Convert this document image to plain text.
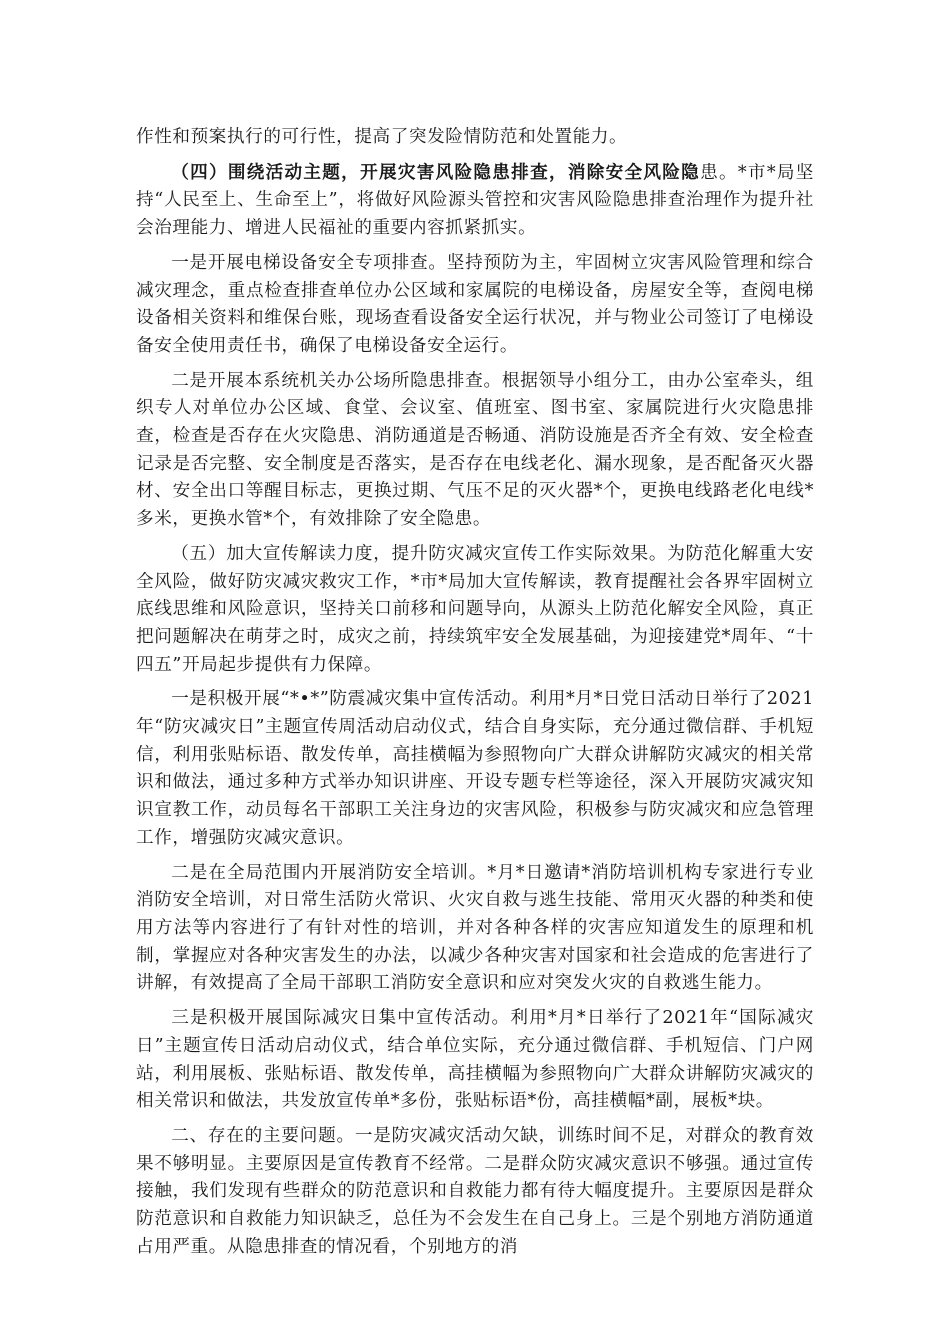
作性和预案执行的可行性，提高了突发险情防范和处置能力。

（四）围绕活动主题，开展灾害风险隐患排查，消除安全风险隐患。*市*局坚持“人民至上、生命至上”，将做好风险源头管控和灾害风险隐患排查治理作为提升社会治理能力、增进人民福祉的重要内容抓紧抓实。

一是开展电梯设备安全专项排查。坚持预防为主，牢固树立灾害风险管理和综合减灾理念，重点检查排查单位办公区域和家属院的电梯设备，房屋安全等，查阅电梯设备相关资料和维保台账，现场查看设备安全运行状况，并与物业公司签订了电梯设备安全使用责任书，确保了电梯设备安全运行。

二是开展本系统机关办公场所隐患排查。根据领导小组分工，由办公室牵头，组织专人对单位办公区域、食堂、会议室、值班室、图书室、家属院进行火灾隐患排查，检查是否存在火灾隐患、消防通道是否畅通、消防设施是否齐全有效、安全检查记录是否完整、安全制度是否落实，是否存在电线老化、漏水现象，是否配备灭火器材、安全出口等醒目标志，更换过期、气压不足的灭火器*个，更换电线路老化电线*多米，更换水管*个，有效排除了安全隐患。

（五）加大宣传解读力度，提升防灾减灾宣传工作实际效果。为防范化解重大安全风险，做好防灾减灾救灾工作，*市*局加大宣传解读，教育提醒社会各界牢固树立底线思维和风险意识，坚持关口前移和问题导向，从源头上防范化解安全风险，真正把问题解决在萌芽之时，成灾之前，持续筑牢安全发展基础，为迎接建党*周年、“十四五”开局起步提供有力保障。

一是积极开展“*•*”防震减灾集中宣传活动。利用*月*日党日活动日举行了2021年“防灾减灾日”主题宣传周活动启动仪式，结合自身实际，充分通过微信群、手机短信，利用张贴标语、散发传单，高挂横幅为参照物向广大群众讲解防灾减灾的相关常识和做法，通过多种方式举办知识讲座、开设专题专栏等途径，深入开展防灾减灾知识宣教工作，动员每名干部职工关注身边的灾害风险，积极参与防灾减灾和应急管理工作，增强防灾减灾意识。

二是在全局范围内开展消防安全培训。*月*日邀请*消防培训机构专家进行专业消防安全培训，对日常生活防火常识、火灾自救与逃生技能、常用灭火器的种类和使用方法等内容进行了有针对性的培训，并对各种各样的灾害应知道发生的原理和机制，掌握应对各种灾害发生的办法，以减少各种灾害对国家和社会造成的危害进行了讲解，有效提高了全局干部职工消防安全意识和应对突发火灾的自救逃生能力。

三是积极开展国际减灾日集中宣传活动。利用*月*日举行了2021年“国际减灾日”主题宣传日活动启动仪式，结合单位实际，充分通过微信群、手机短信、门户网站，利用展板、张贴标语、散发传单，高挂横幅为参照物向广大群众讲解防灾减灾的相关常识和做法，共发放宣传单*多份，张贴标语*份，高挂横幅*副，展板*块。

二、存在的主要问题。一是防灾减灾活动欠缺，训练时间不足，对群众的教育效果不够明显。主要原因是宣传教育不经常。二是群众防灾减灾意识不够强。通过宣传接触，我们发现有些群众的防范意识和自救能力都有待大幅度提升。主要原因是群众防范意识和自救能力知识缺乏，总任为不会发生在自己身上。三是个别地方消防通道占用严重。从隐患排查的情况看，个别地方的消
